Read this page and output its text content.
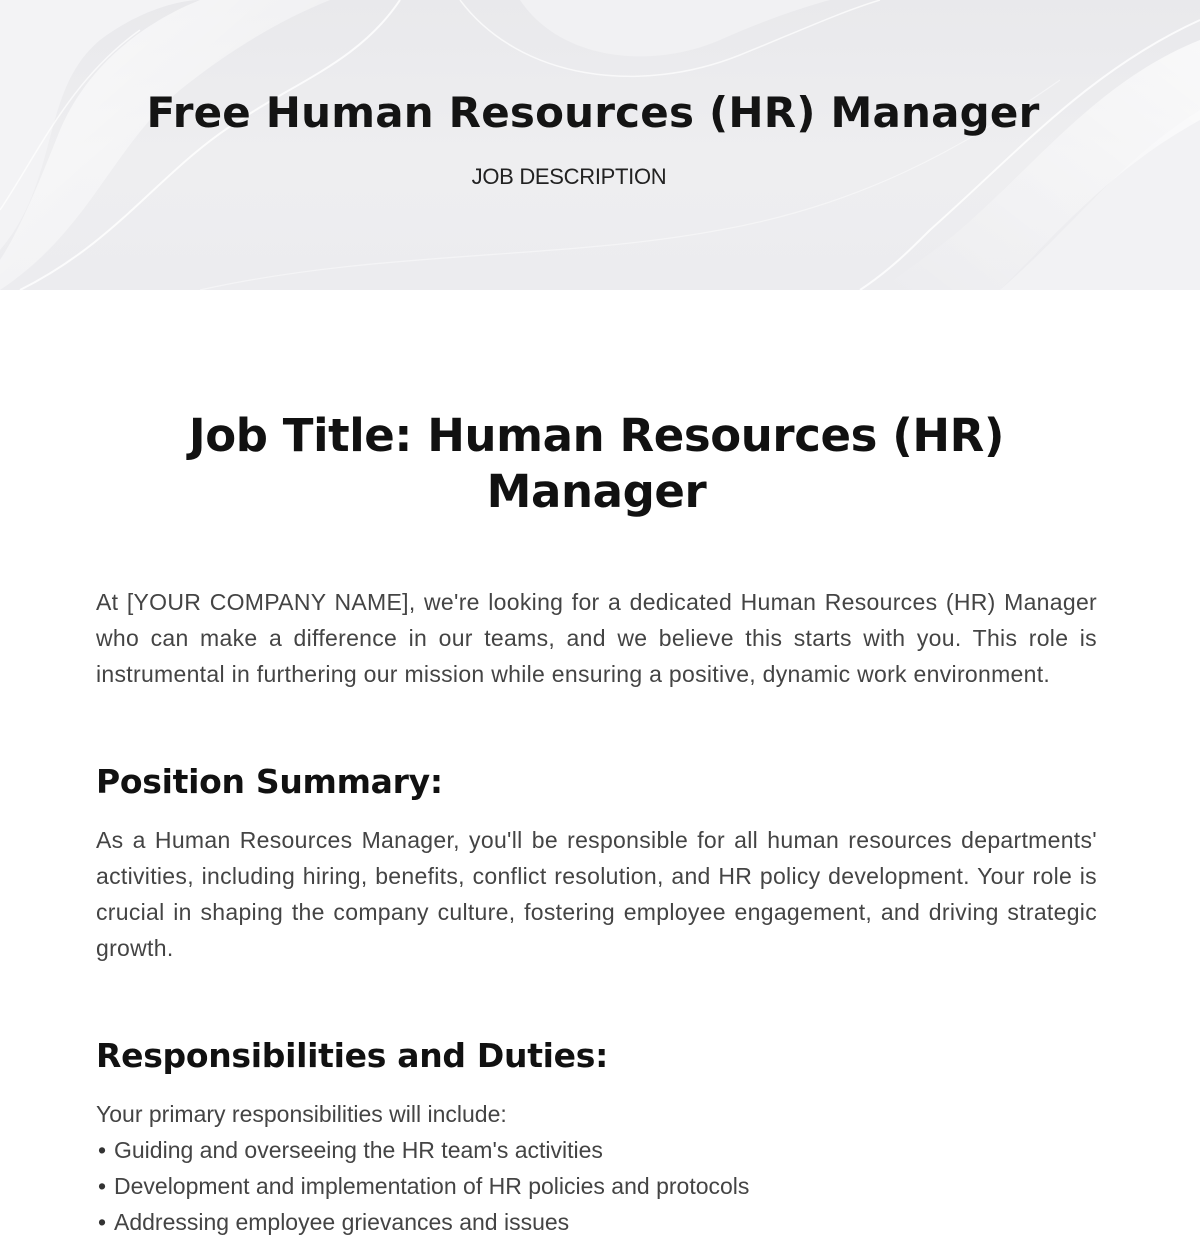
Free Human Resources (HR) Manager
JOB DESCRIPTION
Job Title: Human Resources (HR) Manager

At [YOUR COMPANY NAME], we're looking for a dedicated Human Resources (HR) Manager who can make a difference in our teams, and we believe this starts with you. This role is instrumental in furthering our mission while ensuring a positive, dynamic work environment.

Position Summary:

As a Human Resources Manager, you'll be responsible for all human resources departments' activities, including hiring, benefits, conflict resolution, and HR policy development. Your role is crucial in shaping the company culture, fostering employee engagement, and driving strategic growth.

Responsibilities and Duties:

Your primary responsibilities will include:

• Guiding and overseeing the HR team's activities
• Development and implementation of HR policies and protocols
• Addressing employee grievances and issues
